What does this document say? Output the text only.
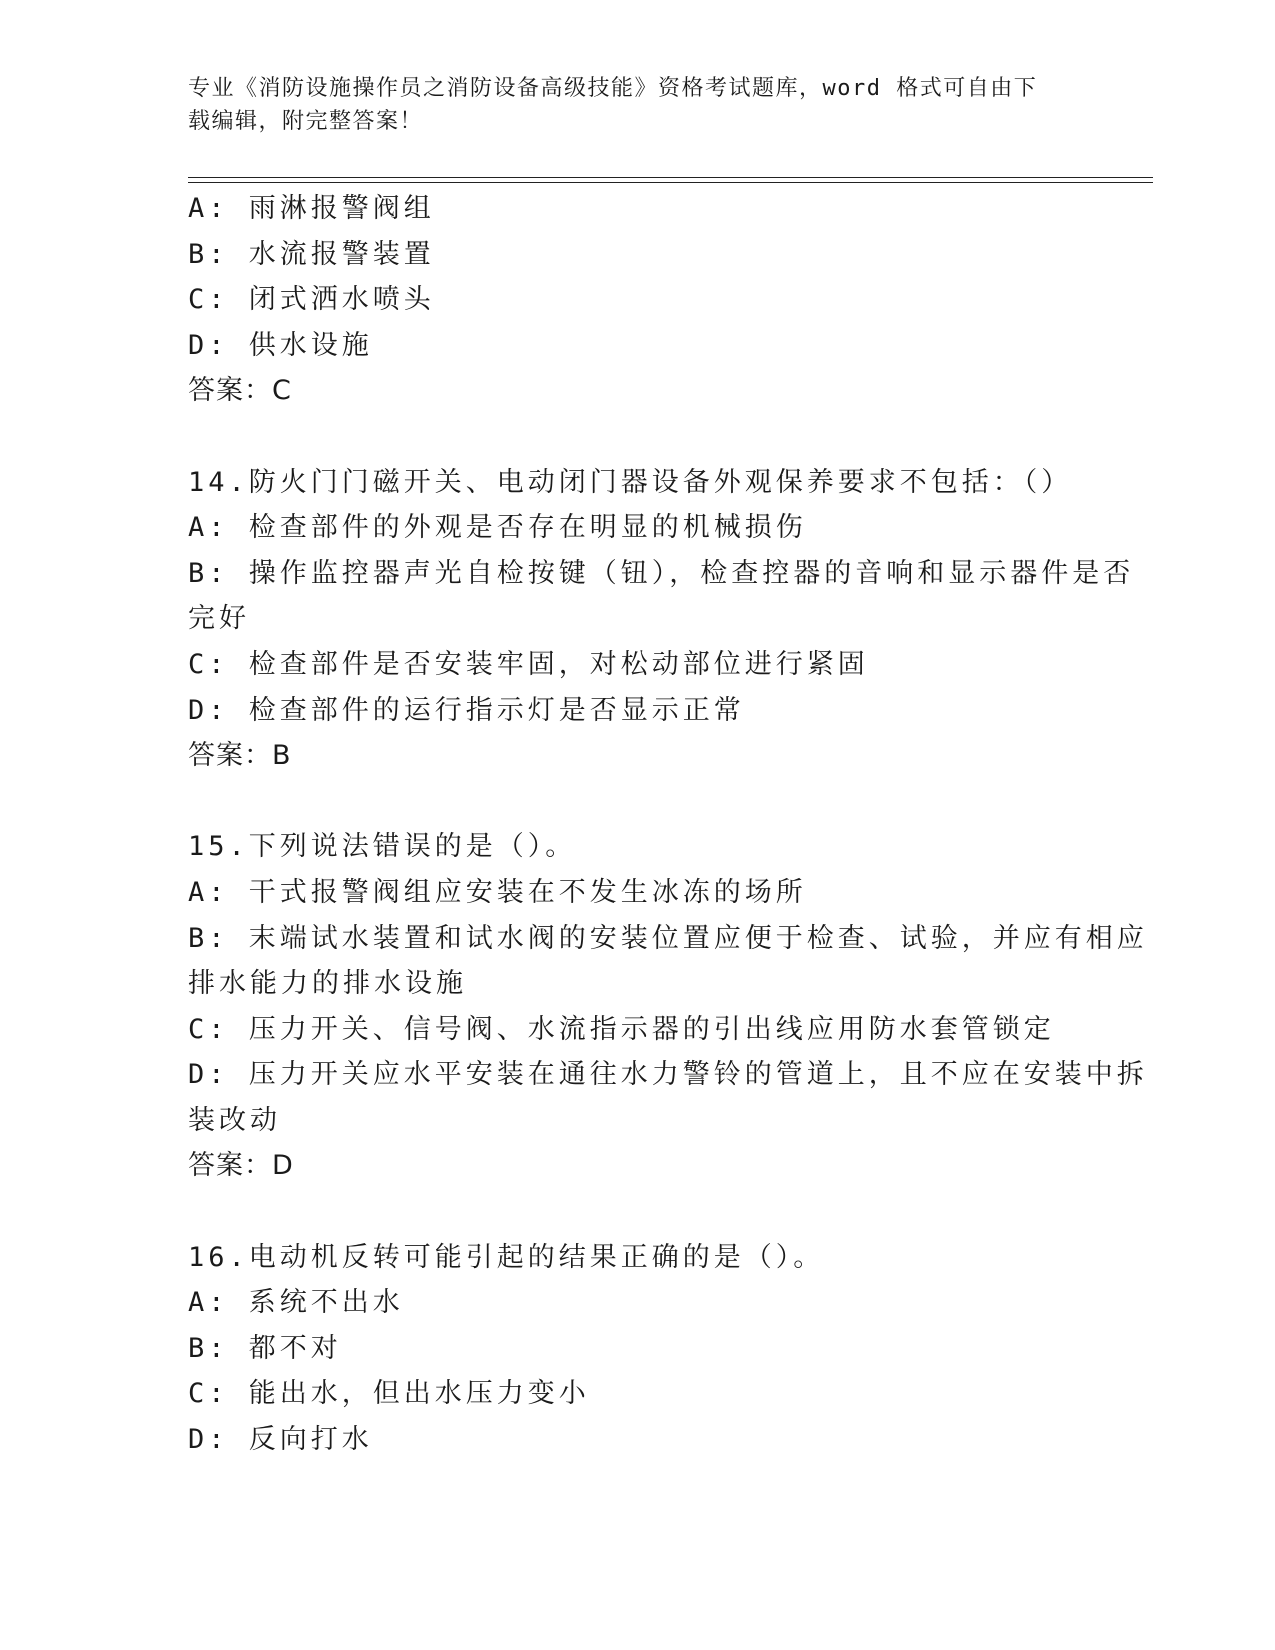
专业《消防设施操作员之消防设备高级技能》资格考试题库，word 格式可自由下
载编辑，附完整答案！
A: 雨淋报警阀组
B: 水流报警装置
C: 闭式洒水喷头
D: 供水设施
答案：C
14.防火门门磁开关、电动闭门器设备外观保养要求不包括：（）
A: 检查部件的外观是否存在明显的机械损伤
B: 操作监控器声光自检按键（钮），检查控器的音响和显示器件是否
完好
C: 检查部件是否安装牢固，对松动部位进行紧固
D: 检查部件的运行指示灯是否显示正常
答案：B
15.下列说法错误的是（）。
A: 干式报警阀组应安装在不发生冰冻的场所
B: 末端试水装置和试水阀的安装位置应便于检查、试验，并应有相应
排水能力的排水设施
C: 压力开关、信号阀、水流指示器的引出线应用防水套管锁定
D: 压力开关应水平安装在通往水力警铃的管道上，且不应在安装中拆
装改动
答案：D
16.电动机反转可能引起的结果正确的是（）。
A: 系统不出水
B: 都不对
C: 能出水，但出水压力变小
D: 反向打水
